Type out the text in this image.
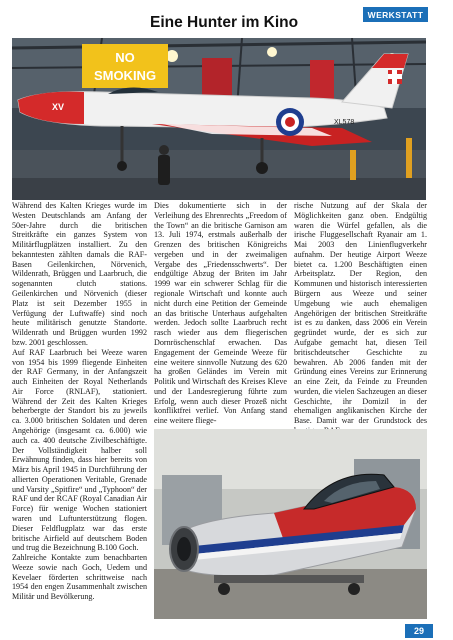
Eine Hunter im Kino	WERKSTATT
NO
SMOKING
XV
XL578

Während des Kalten Krieges wurde im Westen Deutschlands am Anfang der 50er-Jahre durch die britischen Streitkräfte ein ganzes System von Militärflugplätzen installiert. Zu den bekanntesten zählten damals die RAF-Basen Geilenkirchen, Nörvenich, Wildenrath, Brüggen und Laarbruch, die sogenannten clutch stations. Geilenkirchen und Nörvenich (dieser Platz ist seit Dezember 1955 in Verfügung der Luftwaffe) sind noch heute militärisch genutzte Standorte. Wildenrath und Brüggen wurden 1992 bzw. 2001 geschlossen.

Auf RAF Laarbruch bei Weeze waren von 1954 bis 1999 fliegende Einheiten der RAF Germany, in der Anfangszeit auch Einheiten der Royal Netherlands Air Force (RNLAF), stationiert. Während der Zeit des Kalten Krieges beherbergte der Standort bis zu jeweils ca. 3.000 britischen Soldaten und deren Angehörige (insgesamt ca. 6.000) wie auch ca. 400 deutsche Zivilbeschäftigte. Der Vollständigkeit halber soll Erwähnung finden, dass hier bereits von März bis April 1945 in Durchführung der allierten Operationen Veritable, Grenade und Varsity „Spitfire“ und „Typhoon“ der RAF und der RCAF (Royal Canadian Air Force) für wenige Wochen stationiert waren und Luftunterstützung flogen. Dieser Feldflugplatz war das erste britische Airfield auf deutschem Boden und trug die Bezeichnung B.100 Goch.

Zahlreiche Kontakte zum benachbarten Weeze sowie nach Goch, Uedem und Kevelaer förderten schrittweise nach 1954 den engen Zusammenhalt zwischen Militär und Bevölkerung.

Dies dokumentierte sich in der Verleihung des Ehrenrechts „Freedom of the Town“ an die britische Garnison am 13. Juli 1974, erstmals außerhalb der Grenzen des britischen Königreichs vergeben und in der zweimaligen Vergabe des „Friedensschwerts“. Der endgültige Abzug der Briten im Jahr 1999 war ein schwerer Schlag für die regionale Wirtschaft und konnte auch nicht durch eine Petition der Gemeinde an das britische Unterhaus aufgehalten werden. Jedoch sollte Laarbruch recht rasch wieder aus dem fliegerischen Dornröschenschlaf erwachen. Das Engagement der Gemeinde Weeze für eine weitere sinnvolle Nutzung des 620 ha großen Geländes im Verein mit Politik und Wirtschaft des Kreises Kleve und der Landesregierung führte zum Erfolg, wenn auch dieser Prozeß nicht konfliktfrei verlief. Von Anfang stand eine weitere fliege-

rische Nutzung auf der Skala der Möglichkeiten ganz oben. Endgültig waren die Würfel gefallen, als die irische Fluggesellschaft Ryanair am 1. Mai 2003 den Linienflugverkehr aufnahm. Der heutige Airport Weeze bietet ca. 1.200 Beschäftigten einen Arbeitsplatz. Der Region, den Kommunen und historisch interessierten Bürgern aus Weeze und seiner Umgebung wie auch ehemaligen Angehörigen der britischen Streitkräfte ist es zu danken, dass 2006 ein Verein gegründet wurde, der es sich zur Aufgabe gemacht hat, diesen Teil britischdeutscher Geschichte zu bewahren. Ab 2006 fanden mit der Gründung eines Vereins zur Erinnerung an eine Zeit, da Feinde zu Freunden wurden, die vielen Sachzeugen an dieser Geschichte, ihr Domizil in der ehemaligen anglikanischen Kirche der Base. Damit war der Grundstock des

29
